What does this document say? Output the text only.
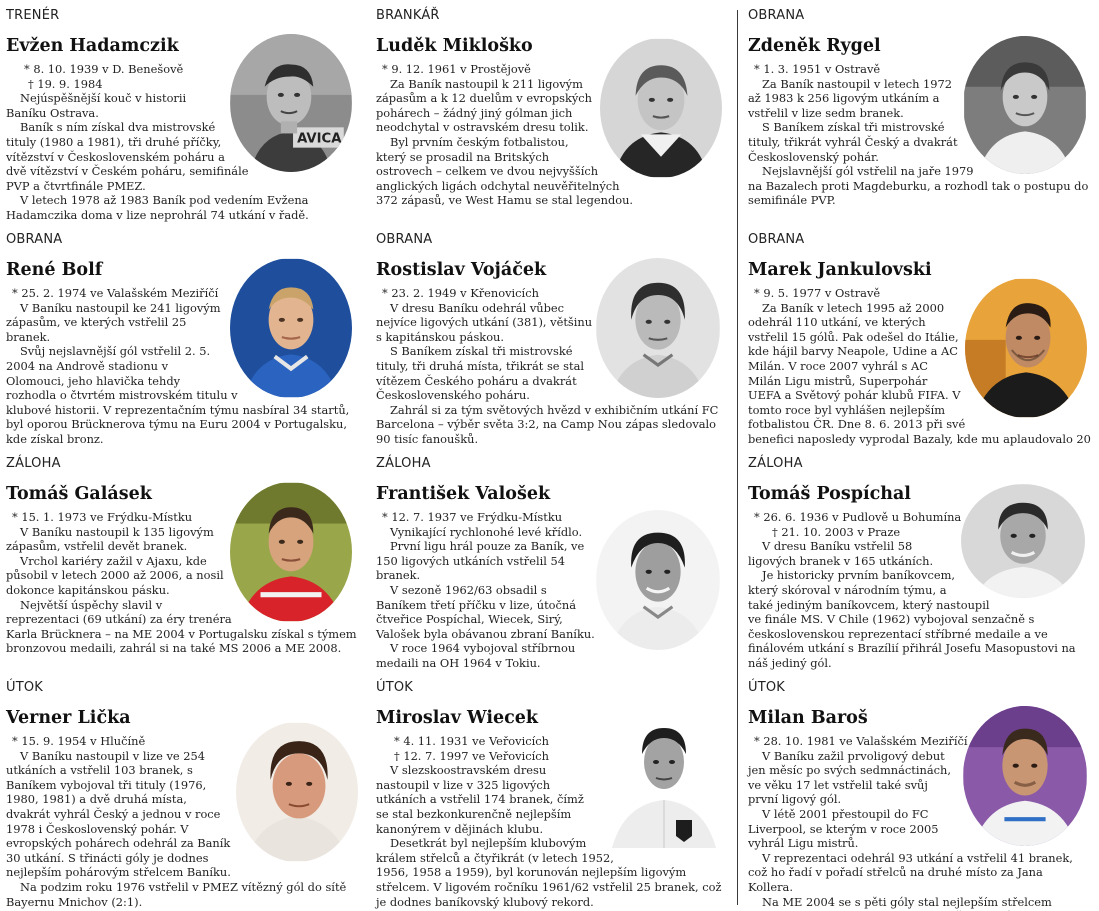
TRENÉR
Evžen Hadamczik
AVICA

* 8. 10. 1939 v D. Benešově

† 19. 9. 1984

Nejúspěšnější kouč v historii Baníku Ostrava.

Baník s ním získal dva mistrovské tituly (1980 a 1981), tři druhé příčky, vítězství v Československém poháru a dvě vítězství v Českém poháru, semifinále PVP a čtvrtfinále PMEZ.

V letech 1978 až 1983 Baník pod vedením Evžena Hadamczika doma v lize neprohrál 74 utkání v řadě.

BRANKÁŘ
Luděk Mikloško

* 9. 12. 1961 v Prostějově

Za Baník nastoupil k 211 ligovým zápasům a k 12 duelům v evropských pohárech – žádný jiný gólman jich neodchytal v ostravském dresu tolik.

Byl prvním českým fotbalistou, který se prosadil na Britských ostrovech – celkem ve dvou nejvyšších anglických ligách odchytal neuvěřitelných 372 zápasů, ve West Hamu se stal legendou.

OBRANA
Zdeněk Rygel

* 1. 3. 1951 v Ostravě

Za Baník nastoupil v letech 1972 až 1983 k 256 ligovým utkáním a vstřelil v lize sedm branek.

S Baníkem získal tři mistrovské tituly, třikrát vyhrál Český a dvakrát Československý pohár.

Nejslavnější gól vstřelil na jaře 1979 na Bazalech proti Magdeburku, a rozhodl tak o postupu do semifinále PVP.

OBRANA
René Bolf

* 25. 2. 1974 ve Valašském Meziříčí

V Baníku nastoupil ke 241 ligovým zápasům, ve kterých vstřelil 25 branek.

Svůj nejslavnější gól vstřelil 2. 5. 2004 na Andrově stadionu v Olomouci, jeho hlavička tehdy rozhodla o čtvrtém mistrovském titulu v klubové historii. V reprezentačním týmu nasbíral 34 startů, byl oporou Brücknerova týmu na Euru 2004 v Portugalsku, kde získal bronz.

OBRANA
Rostislav Vojáček

* 23. 2. 1949 v Křenovicích

V dresu Baníku odehrál vůbec nejvíce ligových utkání (381), většinu s kapitánskou páskou.

S Baníkem získal tři mistrovské tituly, tři druhá místa, třikrát se stal vítězem Českého poháru a dvakrát Československého poháru.

Zahrál si za tým světových hvězd v exhibičním utkání FC Barcelona – výběr světa 3:2, na Camp Nou zápas sledovalo 90 tisíc fanoušků.

OBRANA
Marek Jankulovski

* 9. 5. 1977 v Ostravě

Za Baník v letech 1995 až 2000 odehrál 110 utkání, ve kterých vstřelil 15 gólů. Pak odešel do Itálie, kde hájil barvy Neapole, Udine a AC Milán. V roce 2007 vyhrál s AC Milán Ligu mistrů, Superpohár UEFA a Světový pohár klubů FIFA. V tomto roce byl vyhlášen nejlepším fotbalistou ČR. Dne 8. 6. 2013 při své benefici naposledy vyprodal Bazaly, kde mu aplaudovalo 20

ZÁLOHA
Tomáš Galásek

* 15. 1. 1973 ve Frýdku-Místku

V Baníku nastoupil k 135 ligovým zápasům, vstřelil devět branek.

Vrchol kariéry zažil v Ajaxu, kde působil v letech 2000 až 2006, a nosil dokonce kapitánskou pásku.

Největší úspěchy slavil v reprezentaci (69 utkání) za éry trenéra Karla Brücknera – na ME 2004 v Portugalsku získal s týmem bronzovou medaili, zahrál si na také MS 2006 a ME 2008.

ZÁLOHA
František Valošek

* 12. 7. 1937 ve Frýdku-Místku

Vynikající rychlonohé levé křídlo.

První ligu hrál pouze za Baník, ve 150 ligových utkáních vstřelil 54 branek.

V sezoně 1962/63 obsadil s Baníkem třetí příčku v lize, útočná čtveřice Pospíchal, Wiecek, Sirý, Valošek byla obávanou zbraní Baníku.

V roce 1964 vybojoval stříbrnou medaili na OH 1964 v Tokiu.

ZÁLOHA
Tomáš Pospíchal

* 26. 6. 1936 v Pudlově u Bohumína

† 21. 10. 2003 v Praze

V dresu Baníku vstřelil 58 ligových branek v 165 utkáních.

Je historicky prvním baníkovcem, který skóroval v národním týmu, a také jediným baníkovcem, který nastoupil ve finále MS. V Chile (1962) vybojoval senzačně s československou reprezentací stříbrné medaile a ve finálovém utkání s Brazílií přihrál Josefu Masopustovi na náš jediný gól.

ÚTOK
Verner Lička

* 15. 9. 1954 v Hlučíně

V Baníku nastoupil v lize ve 254 utkáních a vstřelil 103 branek, s Baníkem vybojoval tři tituly (1976, 1980, 1981) a dvě druhá místa, dvakrát vyhrál Český a jednou v roce 1978 i Československý pohár. V evropských pohárech odehrál za Baník 30 utkání. S třinácti góly je dodnes nejlepším pohárovým střelcem Baníku.

Na podzim roku 1976 vstřelil v PMEZ vítězný gól do sítě Bayernu Mnichov (2:1).

ÚTOK
Miroslav Wiecek

* 4. 11. 1931 ve Veřovicích

† 12. 7. 1997 ve Veřovicích

V slezskoostravském dresu nastoupil v lize v 325 ligových utkáních a vstřelil 174 branek, čímž se stal bezkonkurenčně nejlepším kanonýrem v dějinách klubu.

Desetkrát byl nejlepším klubovým králem střelců a čtyřikrát (v letech 1952, 1956, 1958 a 1959), byl korunován nejlepším ligovým střelcem. V ligovém ročníku 1961/62 vstřelil 25 branek, což je dodnes baníkovský klubový rekord.

ÚTOK
Milan Baroš

* 28. 10. 1981 ve Valašském Meziříčí

V Baníku zažil prvoligový debut jen měsíc po svých sedmnáctinách, ve věku 17 let vstřelil také svůj první ligový gól.

V létě 2001 přestoupil do FC Liverpool, se kterým v roce 2005 vyhrál Ligu mistrů.

V reprezentaci odehrál 93 utkání a vstřelil 41 branek, což ho řadí v pořadí střelců na druhé místo za Jana Kollera.

Na ME 2004 se s pěti góly stal nejlepším střelcem
